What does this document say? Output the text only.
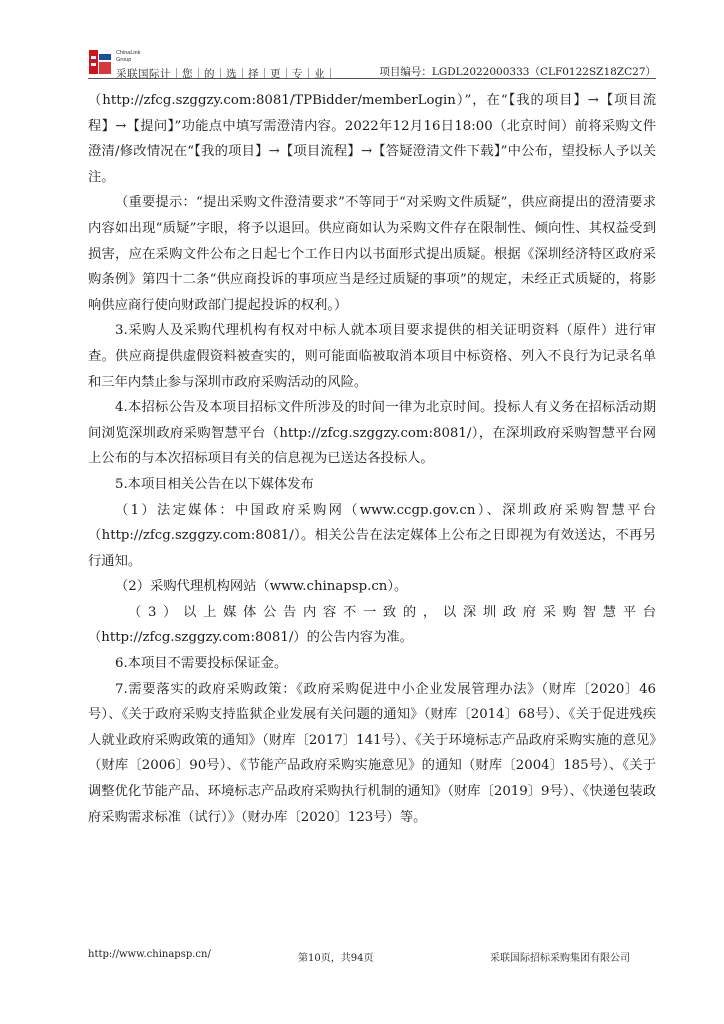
ChinaLink
Group
采联国际计｜您｜的｜选｜择｜更｜专｜业｜	项目编号：LGDL2022000333（CLF0122SZ18ZC27）

（http://zfcg.szggzy.com:8081/TPBidder/memberLogin）”，在“【我的项目】→【项目流程】→【提问】”功能点中填写需澄清内容。2022年12月16日18:00（北京时间）前将采购文件澄清/修改情况在“【我的项目】→【项目流程】→【答疑澄清文件下载】”中公布，望投标人予以关注。

（重要提示：“提出采购文件澄清要求”不等同于“对采购文件质疑”，供应商提出的澄清要求内容如出现“质疑”字眼，将予以退回。供应商如认为采购文件存在限制性、倾向性、其权益受到损害，应在采购文件公布之日起七个工作日内以书面形式提出质疑。根据《深圳经济特区政府采购条例》第四十二条“供应商投诉的事项应当是经过质疑的事项”的规定，未经正式质疑的，将影响供应商行使向财政部门提起投诉的权利。）

3.采购人及采购代理机构有权对中标人就本项目要求提供的相关证明资料（原件）进行审查。供应商提供虚假资料被查实的，则可能面临被取消本项目中标资格、列入不良行为记录名单和三年内禁止参与深圳市政府采购活动的风险。

4.本招标公告及本项目招标文件所涉及的时间一律为北京时间。投标人有义务在招标活动期间浏览深圳政府采购智慧平台（http://zfcg.szggzy.com:8081/），在深圳政府采购智慧平台网上公布的与本次招标项目有关的信息视为已送达各投标人。

5.本项目相关公告在以下媒体发布

（1）法定媒体：中国政府采购网（www.ccgp.gov.cn）、深圳政府采购智慧平台（http://zfcg.szggzy.com:8081/）。相关公告在法定媒体上公布之日即视为有效送达，不再另行通知。

（2）采购代理机构网站（www.chinapsp.cn）。

（3）以上媒体公告内容不一致的，以深圳政府采购智慧平台（http://zfcg.szggzy.com:8081/）的公告内容为准。

6.本项目不需要投标保证金。

7.需要落实的政府采购政策：《政府采购促进中小企业发展管理办法》（财库〔2020〕46号）、《关于政府采购支持监狱企业发展有关问题的通知》（财库〔2014〕68号）、《关于促进残疾人就业政府采购政策的通知》（财库〔2017〕141号）、《关于环境标志产品政府采购实施的意见》（财库〔2006〕90号）、《节能产品政府采购实施意见》的通知（财库〔2004〕185号）、《关于调整优化节能产品、环境标志产品政府采购执行机制的通知》（财库〔2019〕9号）、《快递包装政府采购需求标准（试行）》（财办库〔2020〕123号）等。

http://www.chinapsp.cn/	第10页，共94页	采联国际招标采购集团有限公司
